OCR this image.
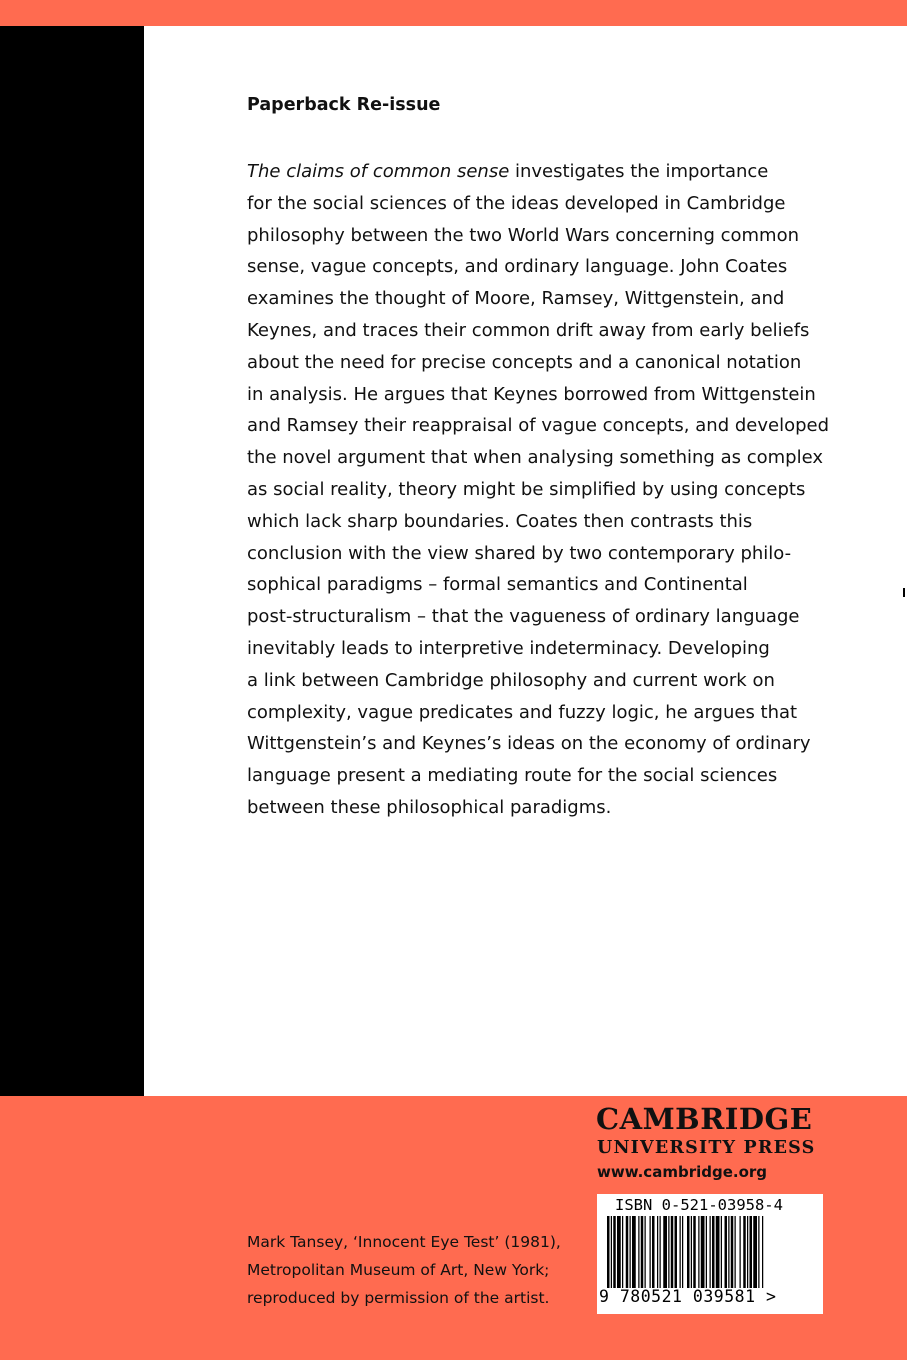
Paperback Re-issue
The claims of common sense investigates the importance
for the social sciences of the ideas developed in Cambridge
philosophy between the two World Wars concerning common
sense, vague concepts, and ordinary language. John Coates
examines the thought of Moore, Ramsey, Wittgenstein, and
Keynes, and traces their common drift away from early beliefs
about the need for precise concepts and a canonical notation
in analysis. He argues that Keynes borrowed from Wittgenstein
and Ramsey their reappraisal of vague concepts, and developed
the novel argument that when analysing something as complex
as social reality, theory might be simplified by using concepts
which lack sharp boundaries. Coates then contrasts this
conclusion with the view shared by two contemporary philo-
sophical paradigms – formal semantics and Continental
post-structuralism – that the vagueness of ordinary language
inevitably leads to interpretive indeterminacy. Developing
a link between Cambridge philosophy and current work on
complexity, vague predicates and fuzzy logic, he argues that
Wittgenstein’s and Keynes’s ideas on the economy of ordinary
language present a mediating route for the social sciences
between these philosophical paradigms.
Mark Tansey, ‘Innocent Eye Test’ (1981),
Metropolitan Museum of Art, New York;
reproduced by permission of the artist.
CAMBRIDGE
UNIVERSITY PRESS
www.cambridge.org
ISBN 0-521-03958-4
9 780521 039581 >
